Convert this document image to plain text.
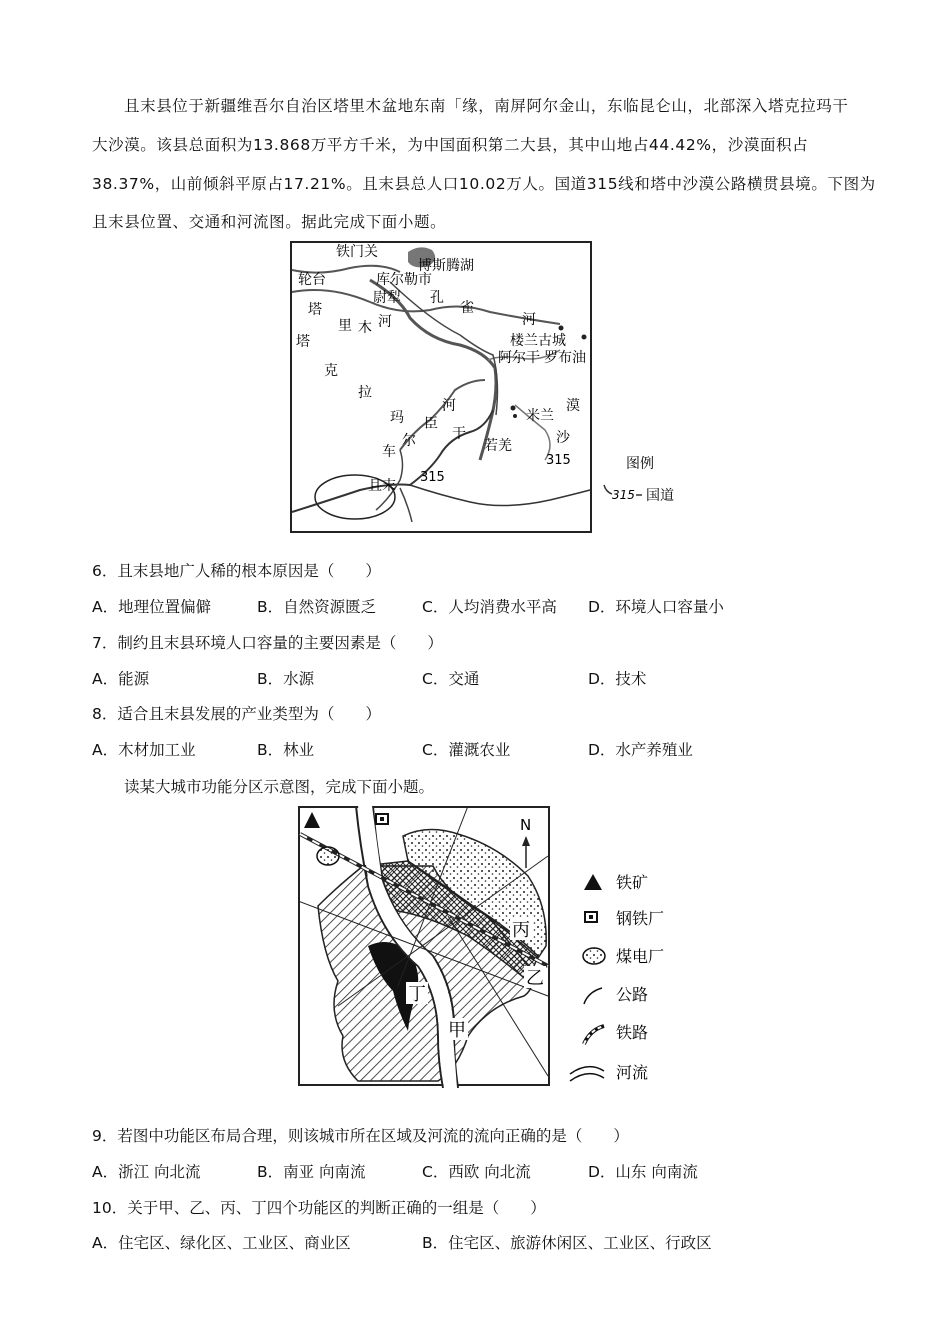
且末县位于新疆维吾尔自治区塔里木盆地东南「缘，南屏阿尔金山，东临昆仑山，北部深入塔克拉玛干
大沙漠。该县总面积为13.868万平方千米，为中国面积第二大县，其中山地占44.42%，沙漠面积占
38.37%，山前倾斜平原占17.21%。且末县总人口10.02万人。国道315线和塔中沙漠公路横贯县境。下图为
且末县位置、交通和河流图。据此完成下面小题。
铁门关
博斯腾湖
轮台	库尔勒市
尉犁 孔
雀
河
塔
里 木 河
楼兰古城
阿尔干 罗布油
塔
克
拉
玛 臣
河	漠
米兰
干	沙
尔	若羌
车
315
315
且末
图例
315 国道
6．且末县地广人稀的根本原因是（　　）
A．地理位置偏僻	B．自然资源匮乏	C．人均消费水平高 D．环境人口容量小
7．制约且末县环境人口容量的主要因素是（　　）
A．能源	B．水源	C．交通	D．技术
8．适合且末县发展的产业类型为（　　）
A．木材加工业	B．林业	C．灌溉农业	D．水产养殖业
读某大城市功能分区示意图，完成下面小题。
丁
甲
乙
丙
N
铁矿
钢铁厂
煤电厂
公路
铁路
河流
9．若图中功能区布局合理，则该城市所在区域及河流的流向正确的是（　　）
A．浙江 向北流	B．南亚 向南流	C．西欧 向北流	D．山东 向南流
10．关于甲、乙、丙、丁四个功能区的判断正确的一组是（　　）
A．住宅区、绿化区、工业区、商业区	B．住宅区、旅游休闲区、工业区、行政区
